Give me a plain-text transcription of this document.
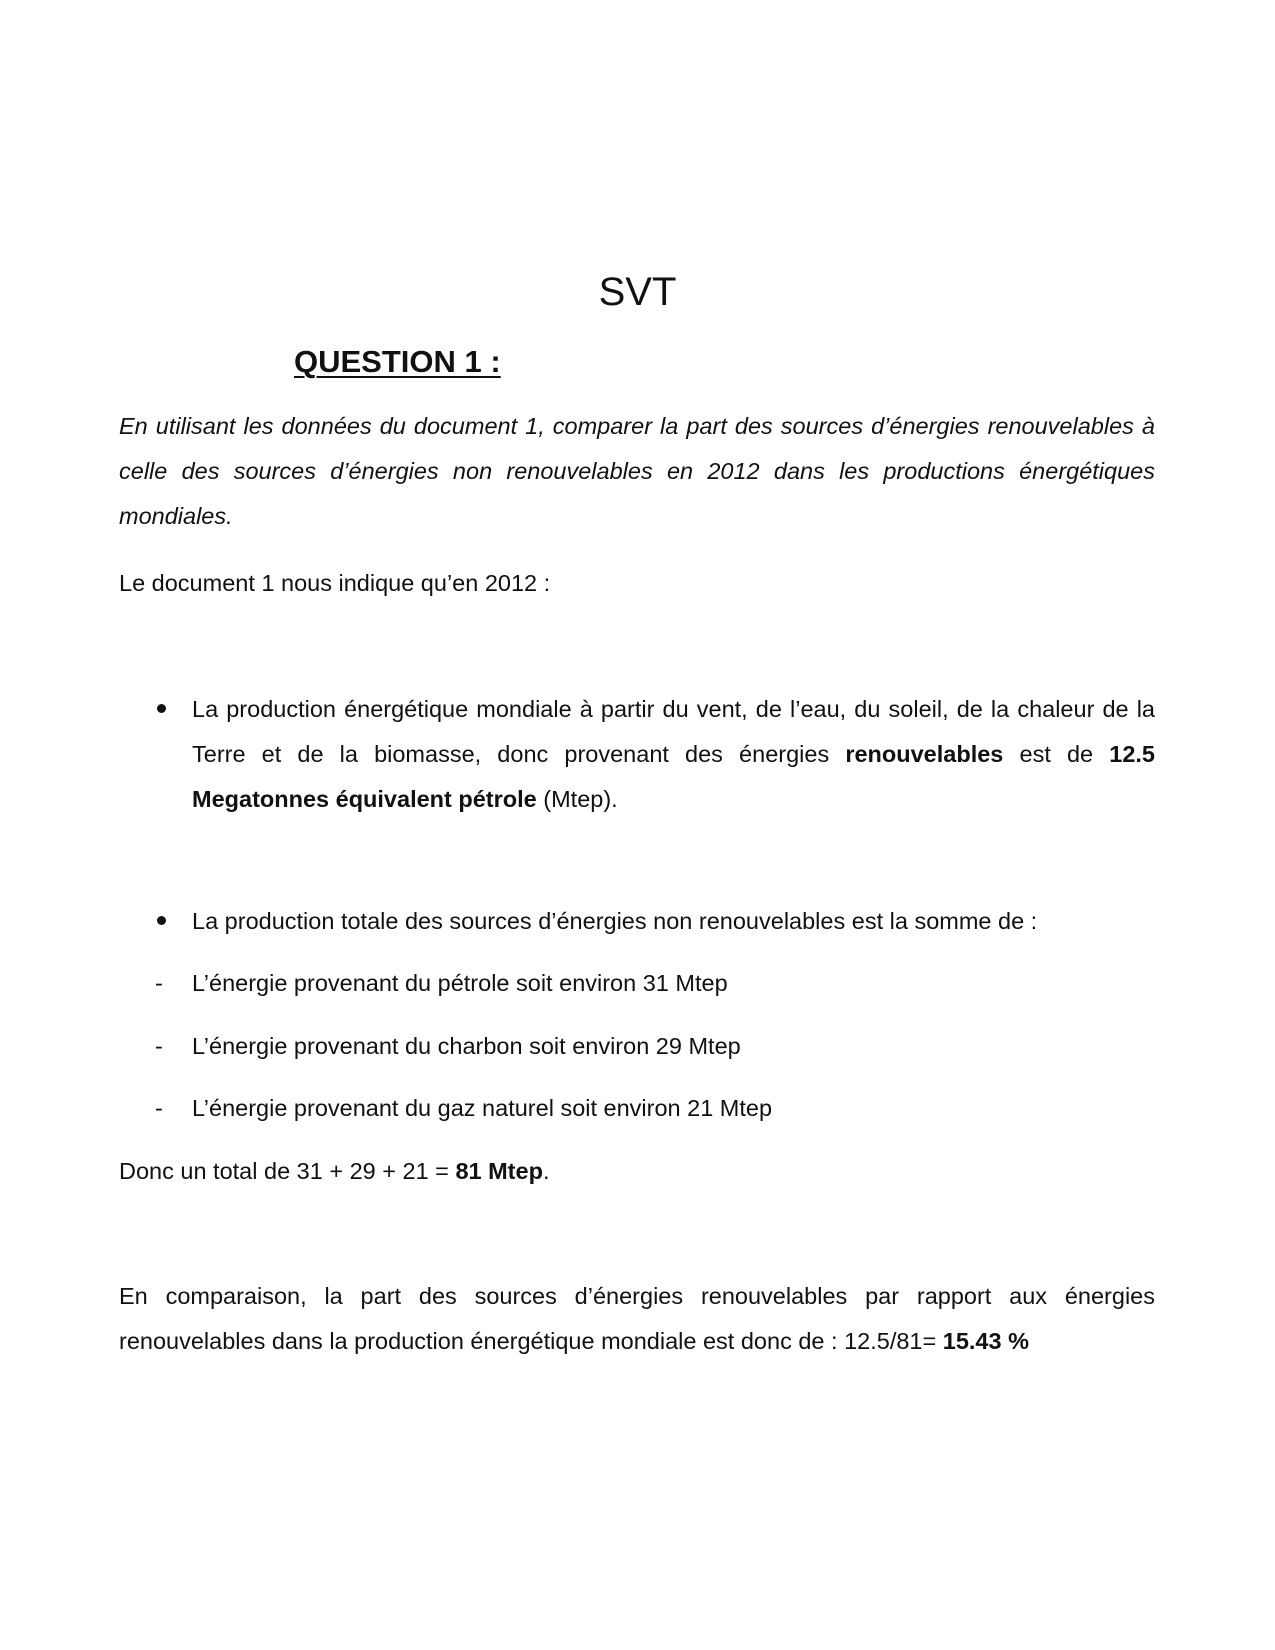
SVT
QUESTION 1 :

En utilisant les données du document 1, comparer la part des sources d’énergies renouvelables à celle des sources d’énergies non renouvelables en 2012 dans les productions énergétiques mondiales.

Le document 1 nous indique qu’en 2012 :

La production énergétique mondiale à partir du vent, de l’eau, du soleil, de la chaleur de la Terre et de la biomasse, donc provenant des énergies renouvelables est de 12.5 Megatonnes équivalent pétrole (Mtep).

La production totale des sources d’énergies non renouvelables est la somme de :

- L’énergie provenant du pétrole soit environ 31 Mtep

- L’énergie provenant du charbon soit environ 29 Mtep

- L’énergie provenant du gaz naturel soit environ 21 Mtep

Donc un total de 31 + 29 + 21 = 81 Mtep.

En comparaison, la part des sources d’énergies renouvelables par rapport aux énergies renouvelables dans la production énergétique mondiale est donc de : 12.5/81= 15.43 %
